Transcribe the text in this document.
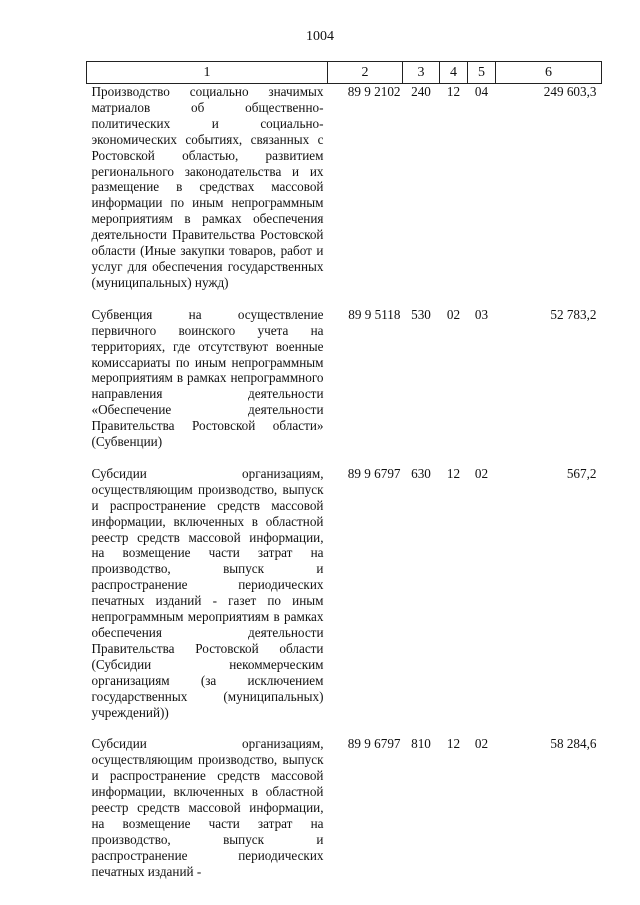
1004
1	2	3	4	5	6
Производство социально значимых матриалов об общественно-политических и социально-экономических событиях, связанных с Ростовской областью, развитием регионального законодательства и их размещение в средствах массовой информации по иным непрограммным мероприятиям в рамках обеспечения деятельности Правительства Ростовской области (Иные закупки товаров, работ и услуг для обеспечения государственных (муниципальных) нужд)	89 9 2102	240	12	04	249 603,3

Субвенция на осуществление первичного воинского учета на территориях, где отсутствуют военные комиссариаты по иным непрограммным мероприятиям в рамках непрограммного направления деятельности «Обеспечение деятельности Правительства Ростовской области» (Субвенции)	89 9 5118	530	02	03	52 783,2

Субсидии организациям, осуществляющим производство, выпуск и распространение средств массовой информации, включенных в областной реестр средств массовой информации, на возмещение части затрат на производство, выпуск и распространение периодических печатных изданий - газет по иным непрограммным мероприятиям в рамках обеспечения деятельности Правительства Ростовской области (Субсидии некоммерческим организациям (за исключением государственных (муниципальных) учреждений))	89 9 6797	630	12	02	567,2

Субсидии организациям, осуществляющим производство, выпуск и распространение средств массовой информации, включенных в областной реестр средств массовой информации, на возмещение части затрат на производство, выпуск и распространение периодических печатных изданий -	89 9 6797	810	12	02	58 284,6
